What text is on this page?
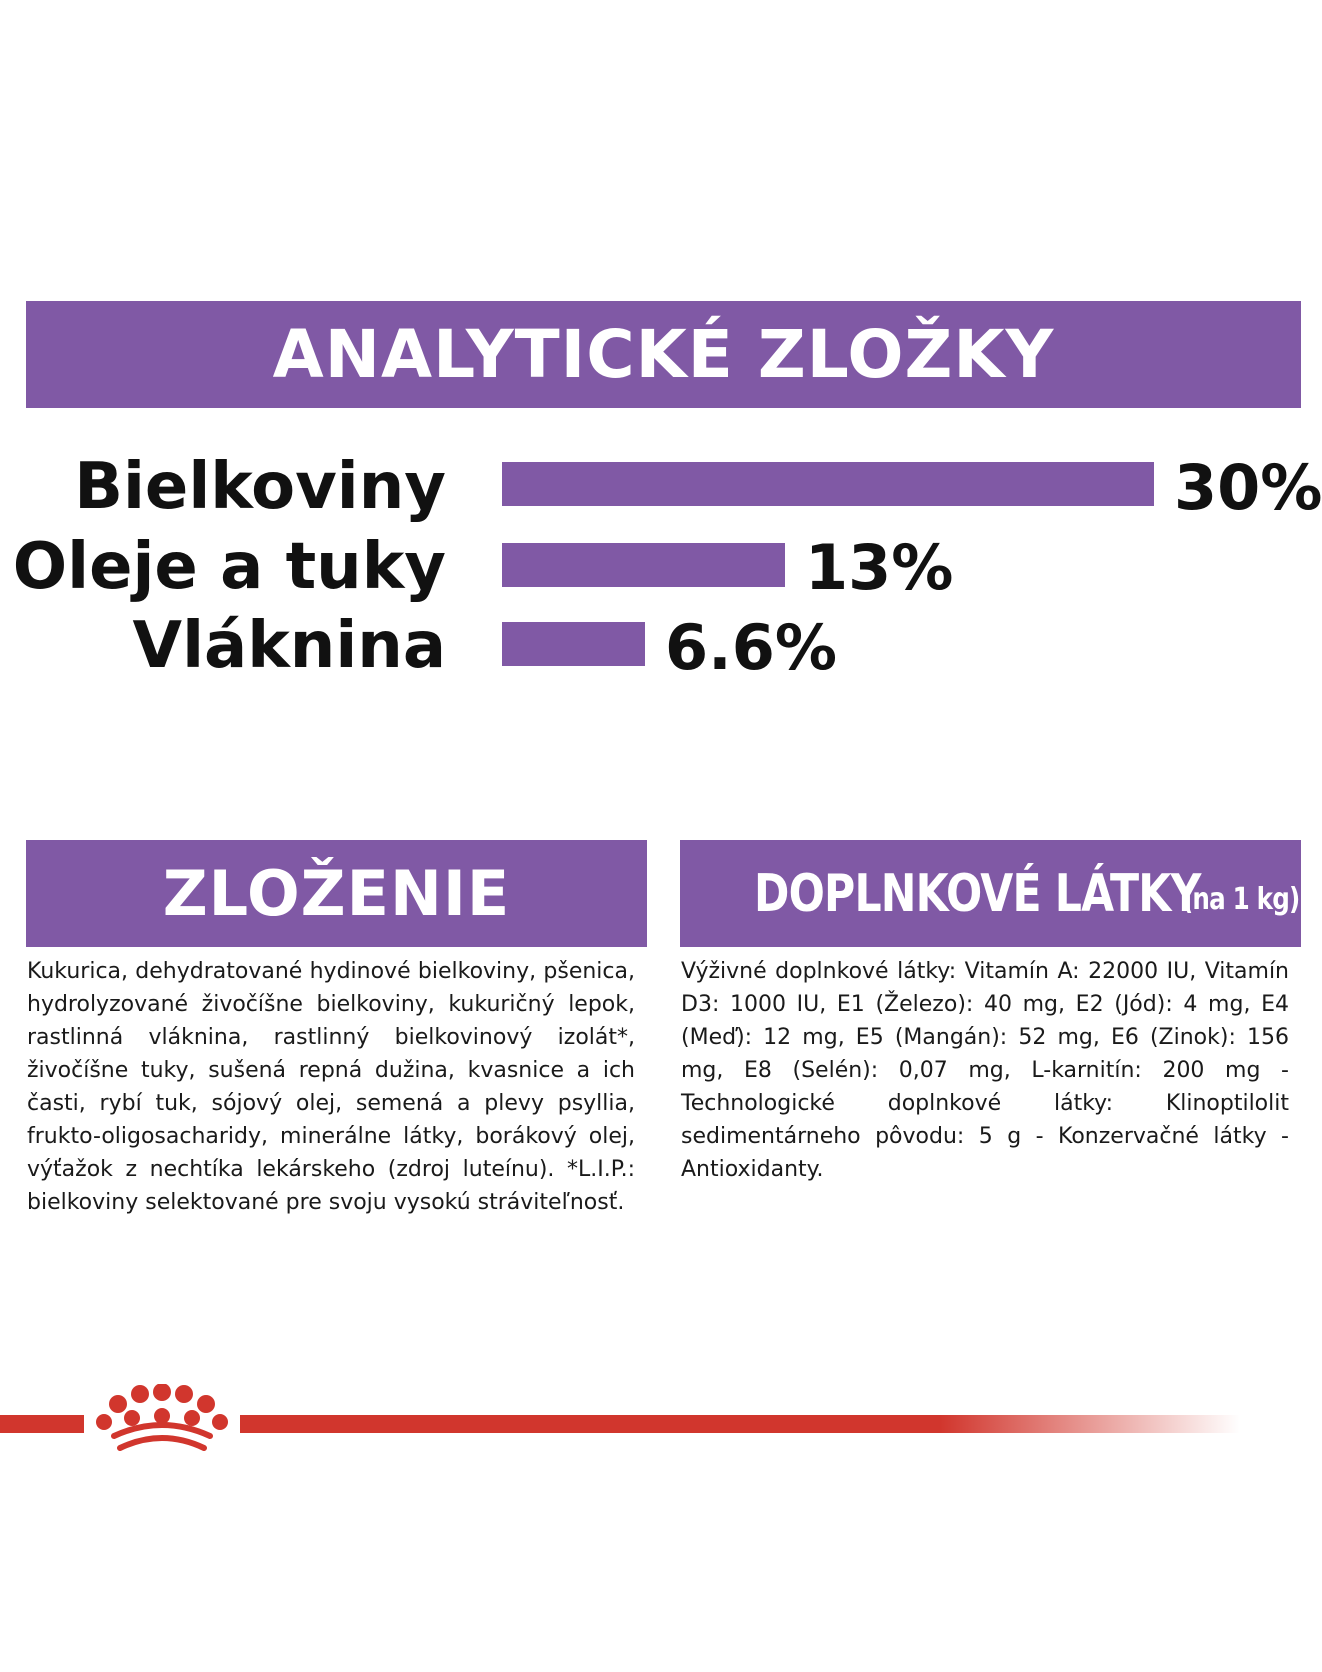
ANALYTICKÉ ZLOŽKY
Bielkoviny	30%
Oleje a tuky	13%
Vláknina	6.6%
ZLOŽENIE
Kukurica, dehydratované hydinové bielkoviny, pšenica, hydrolyzované živočíšne bielkoviny, kukuričný lepok, rastlinná vláknina, rastlinný bielkovinový izolát*, živočíšne tuky, sušená repná dužina, kvasnice a ich časti, rybí tuk, sójový olej, semená a plevy psyllia, frukto-oligosacharidy, minerálne látky, borákový olej, výťažok z nechtíka lekárskeho (zdroj luteínu). *L.I.P.: bielkoviny selektované pre svoju vysokú stráviteľnosť.
DOPLNKOVÉ LÁTKY
(na 1 kg)
Výživné doplnkové látky: Vitamín A: 22000 IU, Vitamín D3: 1000 IU, E1 (Železo): 40 mg, E2 (Jód): 4 mg, E4 (Meď): 12 mg, E5 (Mangán): 52 mg, E6 (Zinok): 156 mg, E8 (Selén): 0,07 mg, L-karnitín: 200 mg - Technologické doplnkové látky: Klinoptilolit sedimentárneho pôvodu: 5 g - Konzervačné látky - Antioxidanty.
